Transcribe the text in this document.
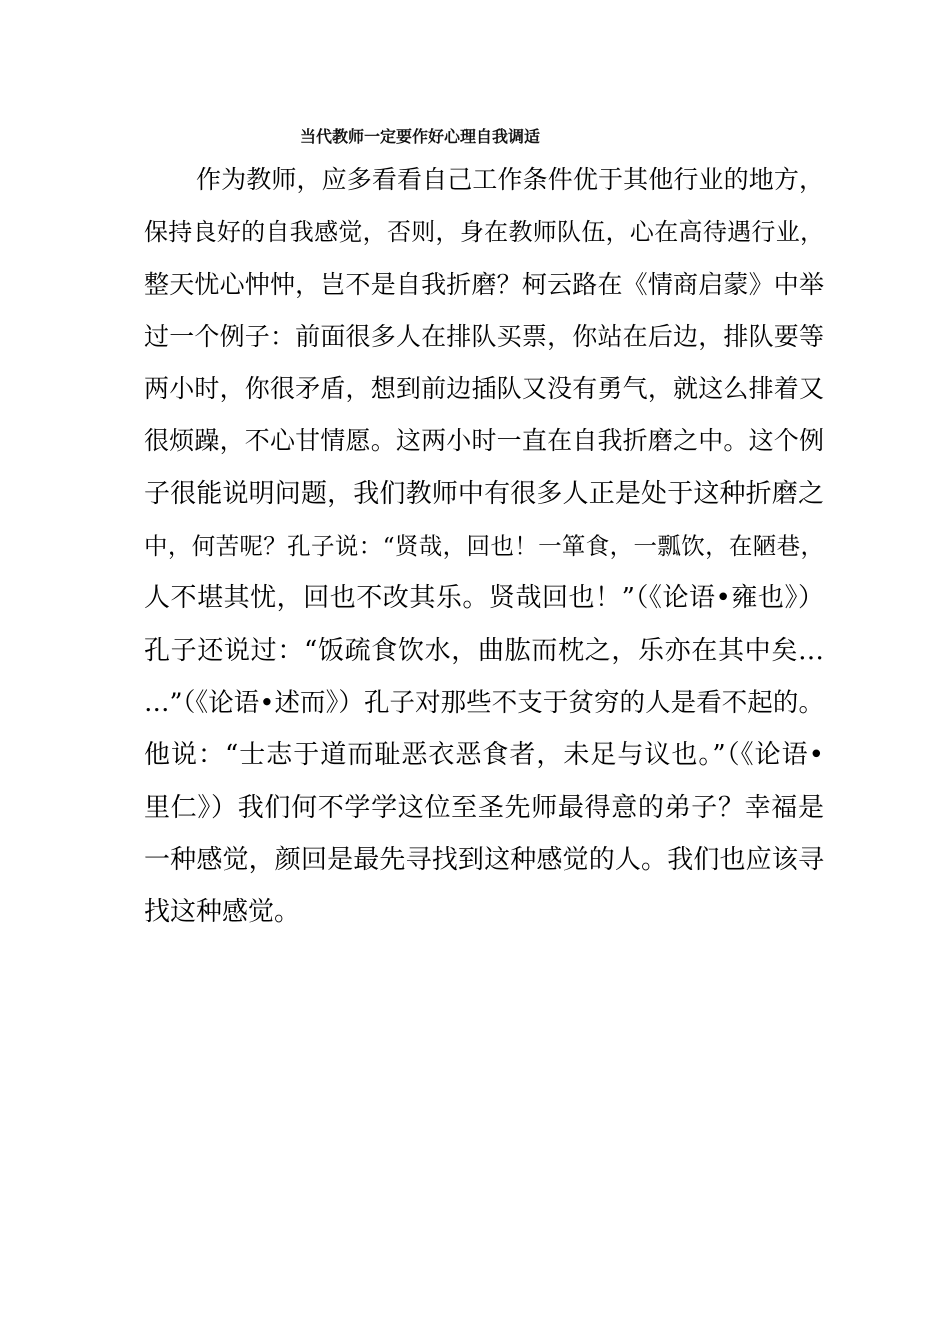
当代教师一定要作好心理自我调适
作为教师，应多看看自己工作条件优于其他行业的地方，
保持良好的自我感觉，否则，身在教师队伍，心在高待遇行业，
整天忧心忡忡，岂不是自我折磨？柯云路在《情商启蒙》中举
过一个例子：前面很多人在排队买票，你站在后边，排队要等
两小时，你很矛盾，想到前边插队又没有勇气，就这么排着又
很烦躁，不心甘情愿。这两小时一直在自我折磨之中。这个例
子很能说明问题，我们教师中有很多人正是处于这种折磨之
中，何苦呢？孔子说：“贤哉，回也！一箪食，一瓢饮，在陋巷，
人不堪其忧，回也不改其乐。贤哉回也！”（《论语•雍也》）
孔子还说过：“饭疏食饮水，曲肱而枕之，乐亦在其中矣…
…”（《论语•述而》）孔子对那些不支于贫穷的人是看不起的。
他说：“士志于道而耻恶衣恶食者，未足与议也。”（《论语•
里仁》）我们何不学学这位至圣先师最得意的弟子？幸福是
一种感觉，颜回是最先寻找到这种感觉的人。我们也应该寻
找这种感觉。
